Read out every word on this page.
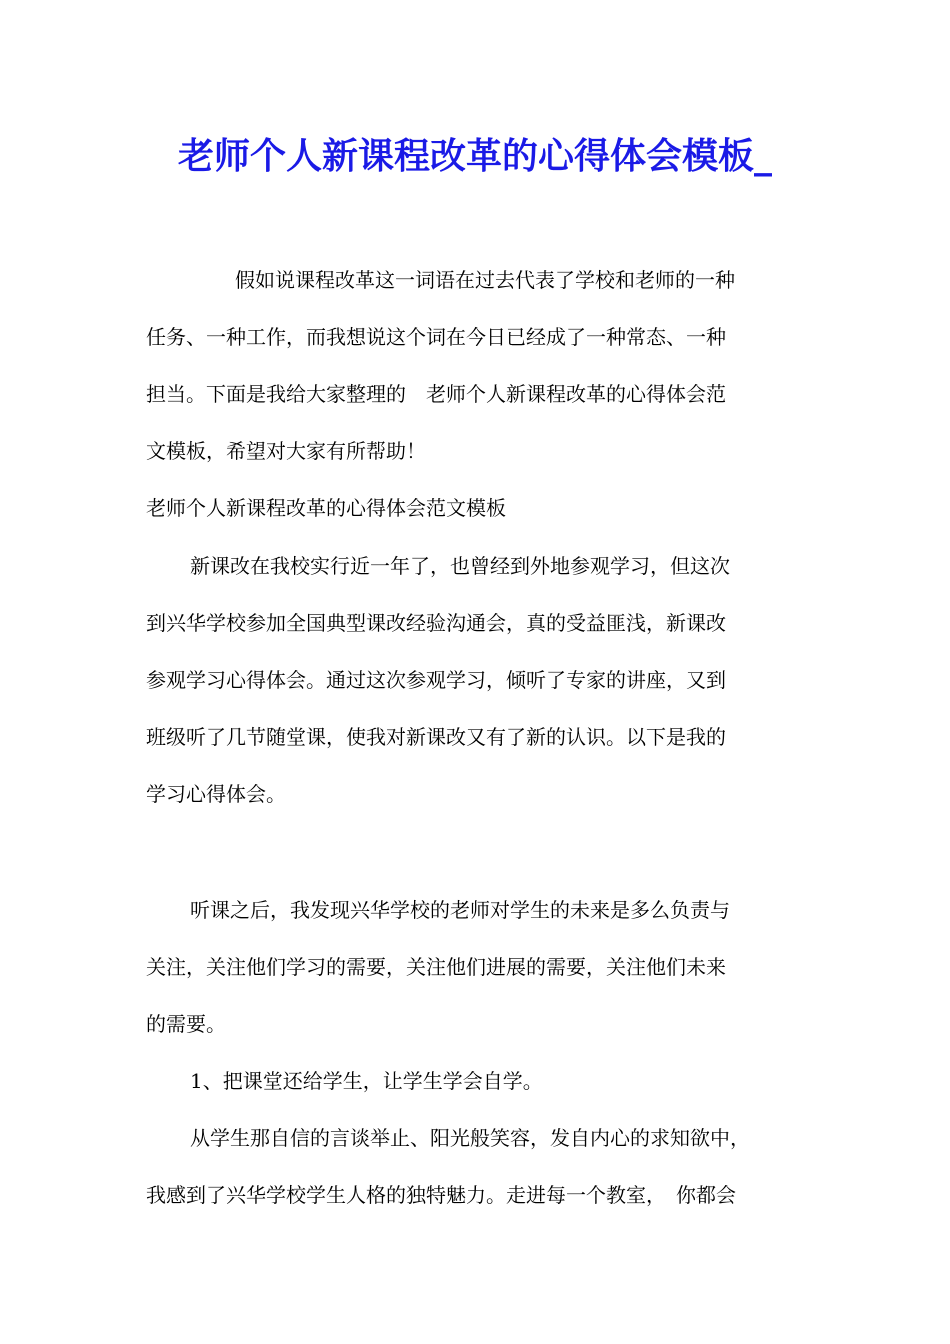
老师个人新课程改革的心得体会模板_

假如说课程改革这一词语在过去代表了学校和老师的一种

任务、一种工作，而我想说这个词在今日已经成了一种常态、一种

担当。下面是我给大家整理的　老师个人新课程改革的心得体会范

文模板，希望对大家有所帮助！

老师个人新课程改革的心得体会范文模板

新课改在我校实行近一年了，也曾经到外地参观学习，但这次

到兴华学校参加全国典型课改经验沟通会，真的受益匪浅，新课改

参观学习心得体会。通过这次参观学习，倾听了专家的讲座，又到

班级听了几节随堂课，使我对新课改又有了新的认识。以下是我的

学习心得体会。

听课之后，我发现兴华学校的老师对学生的未来是多么负责与

关注，关注他们学习的需要，关注他们进展的需要，关注他们未来

的需要。

1、把课堂还给学生，让学生学会自学。

从学生那自信的言谈举止、阳光般笑容，发自内心的求知欲中，

我感到了兴华学校学生人格的独特魅力。走进每一个教室，　你都会
